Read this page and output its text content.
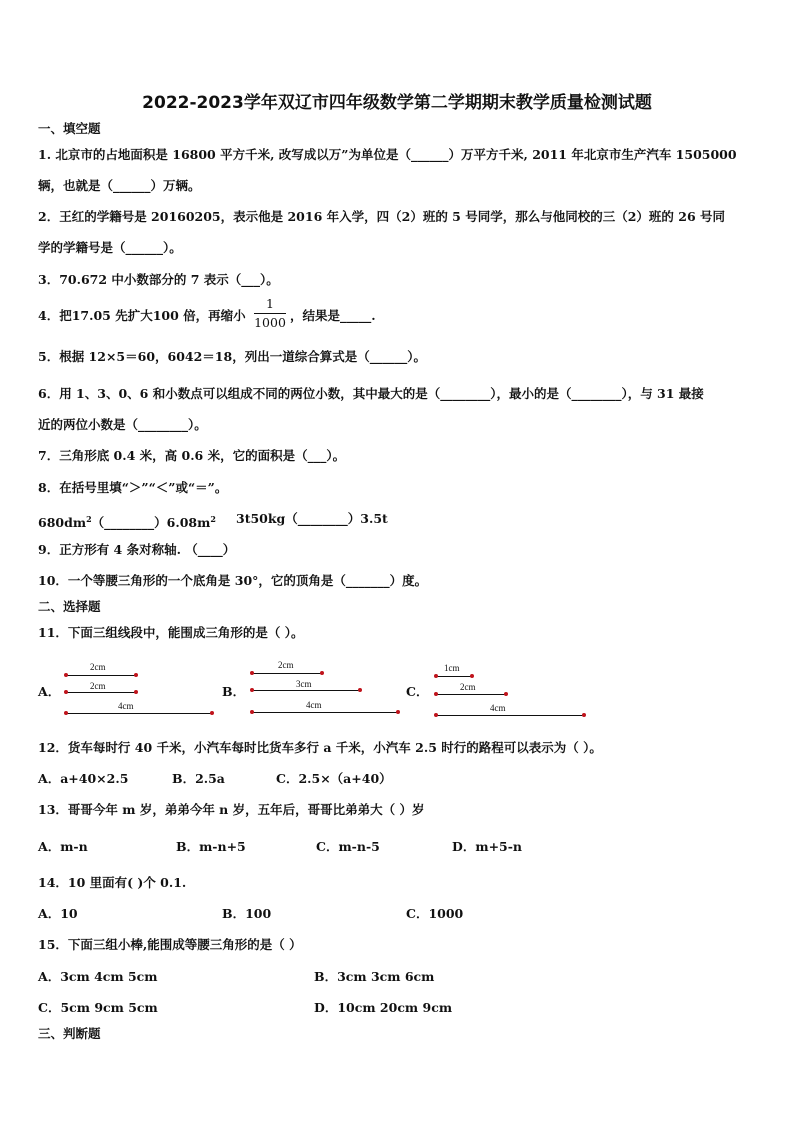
2022-2023学年双辽市四年级数学第二学期期末教学质量检测试题
一、填空题
1. 北京市的占地面积是 16800 平方千米, 改写成以万”为单位是（______）万平方千米, 2011 年北京市生产汽车 1505000
辆，也就是（______）万辆。
2．王红的学籍号是 20160205，表示他是 2016 年入学，四（2）班的 5 号同学，那么与他同校的三（2）班的 26 号同
学的学籍号是（______）。
3．70.672 中小数部分的 7 表示（___）。
4．把17.05 先扩大100 倍，再缩小
1
1000 ，结果是_____.
5．根据 12×5＝60，6042＝18，列出一道综合算式是（______）。
6．用 1、3、0、6 和小数点可以组成不同的两位小数，其中最大的是（________），最小的是（________），与 31 最接
近的两位小数是（________）。
7．三角形底 0.4 米，高 0.6 米，它的面积是（___）。
8．在括号里填“＞”“＜”或“＝”。
$680dm^2(\_\_\_\_\_\_\_\_)6.08m^2$ 3t50kg（________）3.5t
9．正方形有 4 条对称轴. （____）
10．一个等腰三角形的一个底角是 30°，它的顶角是（_______）度。
二、选择题
11．下面三组线段中，能围成三角形的是（ ）。
A．
2cm
2cm
4cm
B．
2cm
3cm
4cm
C．
1cm
2cm
4cm
12．货车每时行 40 千米，小汽车每时比货车多行 a 千米，小汽车 2.5 时行的路程可以表示为（ ）。
A．a+40×2.5	B．2.5a	C．2.5×（a+40）
13．哥哥今年 m 岁，弟弟今年 n 岁，五年后，哥哥比弟弟大（ ）岁
A．m-n	B．m-n+5	C．m-n-5	D．m+5-n
14．10 里面有( )个 0.1.
A．10	B．100	C．1000
15．下面三组小棒,能围成等腰三角形的是（ ）
A．3cm 4cm 5cm	B．3cm 3cm 6cm
C．5cm 9cm 5cm	D．10cm 20cm 9cm
三、判断题
